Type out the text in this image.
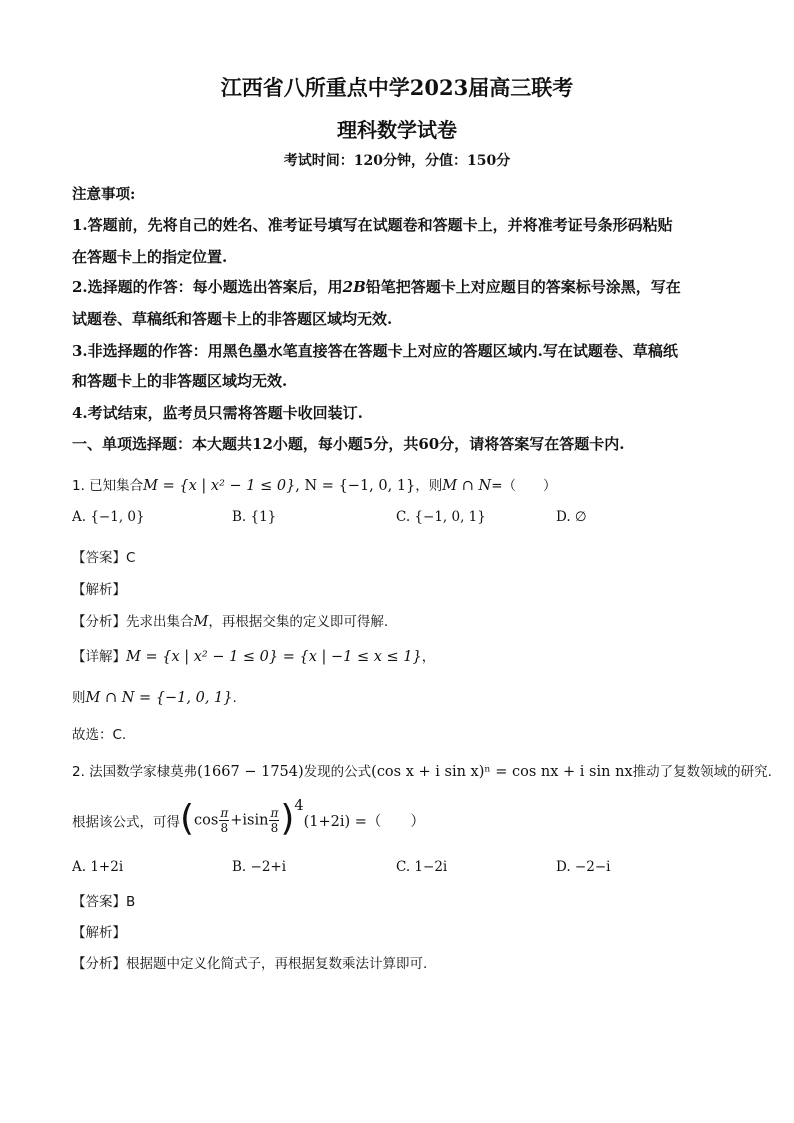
江西省八所重点中学2023届高三联考
理科数学试卷
考试时间：120分钟，分值：150分
注意事项:
1.答题前，先将自己的姓名、准考证号填写在试题卷和答题卡上，并将准考证号条形码粘贴
在答题卡上的指定位置.
2.选择题的作答：每小题选出答案后，用2B铅笔把答题卡上对应题目的答案标号涂黑，写在
试题卷、草稿纸和答题卡上的非答题区域均无效.
3.非选择题的作答：用黑色墨水笔直接答在答题卡上对应的答题区域内.写在试题卷、草稿纸
和答题卡上的非答题区域均无效.
4.考试结束，监考员只需将答题卡收回装订.
一、单项选择题：本大题共12小题，每小题5分，共60分，请将答案写在答题卡内.
1. 已知集合M = {x | x² − 1 ≤ 0}, N = {−1, 0, 1}，则M ∩ N=（　　）
A. {−1, 0}	B. {1}	C. {−1, 0, 1}	D. ∅
【答案】C
【解析】
【分析】先求出集合M，再根据交集的定义即可得解.
【详解】M = {x | x² − 1 ≤ 0} = {x | −1 ≤ x ≤ 1}，
则M ∩ N = {−1, 0, 1}.
故选：C.
2. 法国数学家棣莫弗(1667 − 1754)发现的公式(cos x + i sin x)ⁿ = cos nx + i sin nx推动了复数领域的研究.
根据该公式，可得$(\cos \frac{\pi}{8} +isin \frac{\pi}{8} )^4(1+2i)$ =（　　）
A. 1+2i	B. −2+i	C. 1−2i	D. −2−i
【答案】B
【解析】
【分析】根据题中定义化简式子，再根据复数乘法计算即可.
